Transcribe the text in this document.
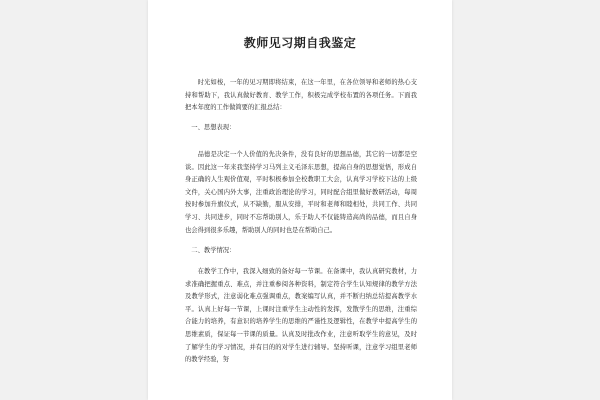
教师见习期自我鉴定
时光如梭，一年的见习期即将结束，在这一年里，在各位领导和老师的热心支持和帮助下，我认真做好教育、教学工作，积极完成学校布置的各项任务。下面我把本年度的工作做简要的汇报总结：
一、思想表现：
品德是决定一个人价值的先决条件，没有良好的思想品德，其它的一切都是空谈。因此这一年来我坚持学习马列主义毛泽东思想，提高自身的思想觉悟，形成自身正确的人生观价值观，平时积极参加全校教职工大会，认真学习学校下达的上级文件，关心国内外大事，注重政治理论的学习，同时配合组里做好教研活动，每周按时参加升旗仪式，从不缺勤，服从安排，平时和老师和睦相处，共同工作、共同学习、共同进步，同时不忘帮助别人，乐于助人不仅能铸造高尚的品德，而且自身也会得到很多乐趣，帮助别人的同时也是在帮助自己。
二、教学情况：
在教学工作中，我深入细致的备好每一节课。在备课中，我认真研究教材，力求准确把握重点、难点，并注重参阅各种资料，制定符合学生认知规律的教学方法及教学形式，注意弱化难点强调重点，教案编写认真，并不断归纳总结提高教学水平。认真上好每一节课，上课时注重学生主动性的发挥，发散学生的思维，注重综合能力的培养，有意识的培养学生的思维的严谨性及逻辑性，在教学中提高学生的思维素质，保证每一节课的质量。认真及时批改作业，注意听取学生的意见，及时了解学生的学习情况，并有目的的对学生进行辅导。坚持听课，注意学习组里老师的教学经验，努
